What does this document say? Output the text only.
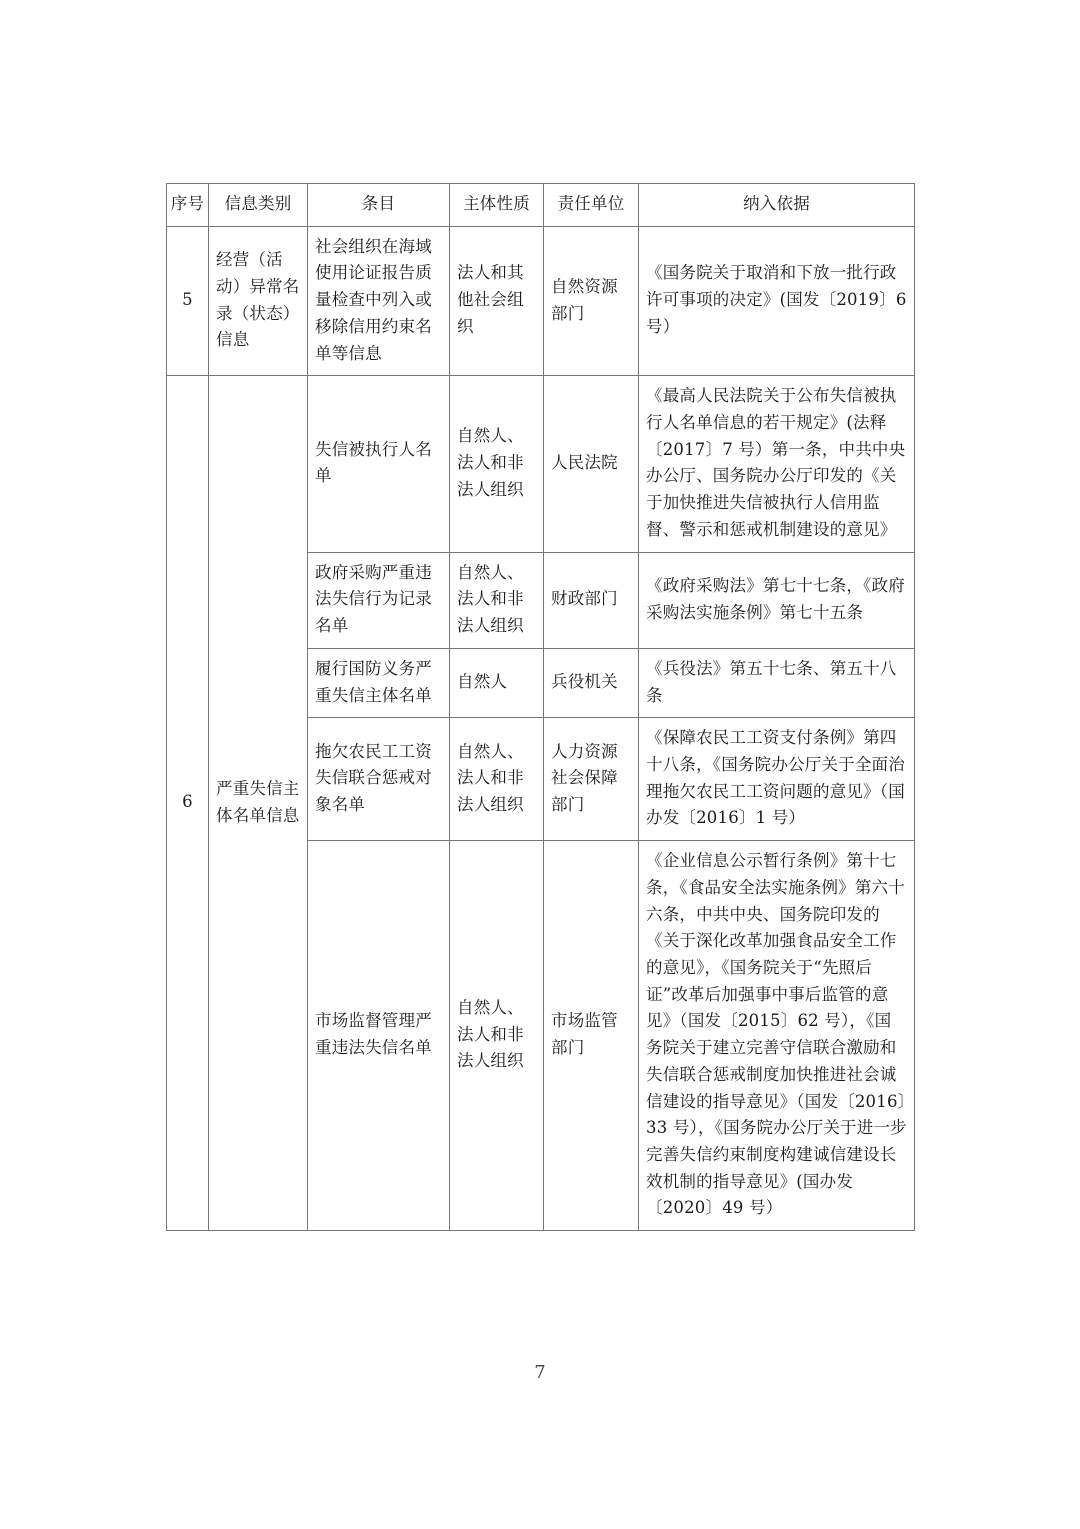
序号	信息类别	条目	主体性质	责任单位	纳入依据
5	经营（活动）异常名录（状态）信息	社会组织在海域使用论证报告质量检查中列入或移除信用约束名单等信息	法人和其他社会组织	自然资源部门	《国务院关于取消和下放一批行政许可事项的决定》(国发〔2019〕6 号）
6	严重失信主体名单信息	失信被执行人名单	自然人、法人和非法人组织	人民法院	《最高人民法院关于公布失信被执行人名单信息的若干规定》(法释〔2017〕7 号）第一条，中共中央办公厅、国务院办公厅印发的《关于加快推进失信被执行人信用监督、警示和惩戒机制建设的意见》
		政府采购严重违法失信行为记录名单	自然人、法人和非法人组织	财政部门	《政府采购法》第七十七条，《政府采购法实施条例》第七十五条
		履行国防义务严重失信主体名单	自然人	兵役机关	《兵役法》第五十七条、第五十八条
		拖欠农民工工资失信联合惩戒对象名单	自然人、法人和非法人组织	人力资源社会保障部门	《保障农民工工资支付条例》第四十八条，《国务院办公厅关于全面治理拖欠农民工工资问题的意见》（国办发〔2016〕1 号）
		市场监督管理严重违法失信名单	自然人、法人和非法人组织	市场监管部门	《企业信息公示暂行条例》第十七条，《食品安全法实施条例》第六十六条，中共中央、国务院印发的《关于深化改革加强食品安全工作的意见》，《国务院关于“先照后证”改革后加强事中事后监管的意见》（国发〔2015〕62 号），《国务院关于建立完善守信联合激励和失信联合惩戒制度加快推进社会诚信建设的指导意见》（国发〔2016〕33 号），《国务院办公厅关于进一步完善失信约束制度构建诚信建设长效机制的指导意见》(国办发〔2020〕49 号）
7
